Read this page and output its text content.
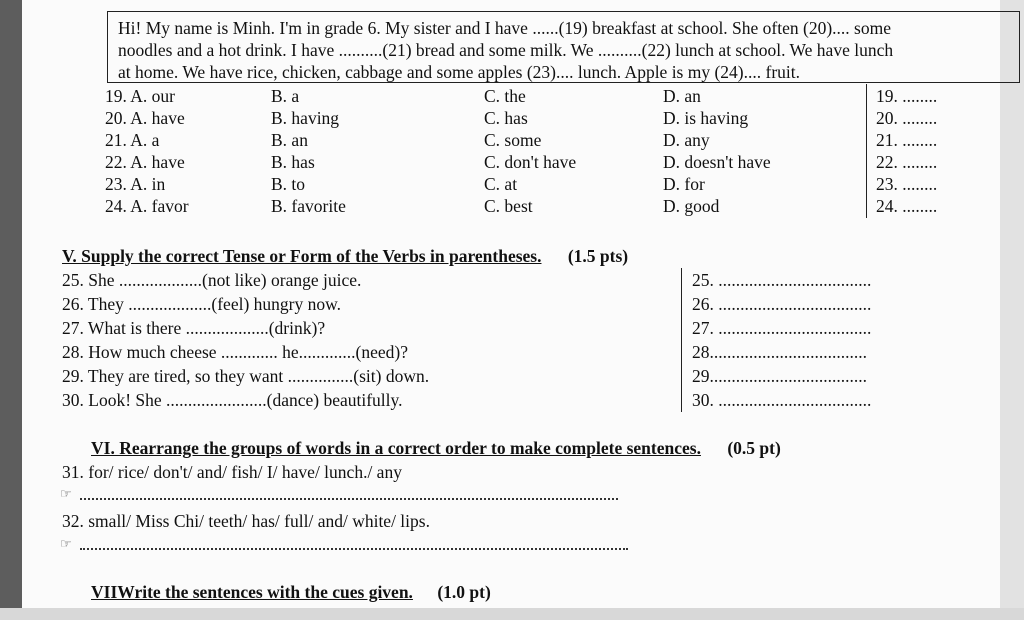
Hi! My name is Minh. I'm in grade 6. My sister and I have ......(19) breakfast at school. She often (20).... some
noodles and a hot drink. I have ..........(21) bread and some milk. We ..........(22) lunch at school. We have lunch
at home. We have rice, chicken, cabbage and some apples (23).... lunch. Apple is my (24).... fruit.
19. A. our	B. a	C. the	D. an	19. ........
20. A. have	B. having	C. has	D. is having	20. ........
21. A. a	B. an	C. some	D. any	21. ........
22. A. have	B. has	C. don't have	D. doesn't have	22. ........
23. A. in	B. to	C. at	D. for	23. ........
24. A. favor	B. favorite	C. best	D. good	24. ........
V. Supply the correct Tense or Form of the Verbs in parentheses. (1.5 pts)
25. She ...................(not like) orange juice.	25. ...................................
26. They ...................(feel) hungry now.	26. ...................................
27. What is there ...................(drink)?	27. ...................................
28. How much cheese ............. he.............(need)?	28....................................
29. They are tired, so they want ...............(sit) down.	29....................................
30. Look! She .......................(dance) beautifully.	30. ...................................
VI. Rearrange the groups of words in a correct order to make complete sentences. (0.5 pt)
31. for/ rice/ don't/ and/ fish/ I/ have/ lunch./ any
☞
32. small/ Miss Chi/ teeth/ has/ full/ and/ white/ lips.
☞
VIIWrite the sentences with the cues given. (1.0 pt)
